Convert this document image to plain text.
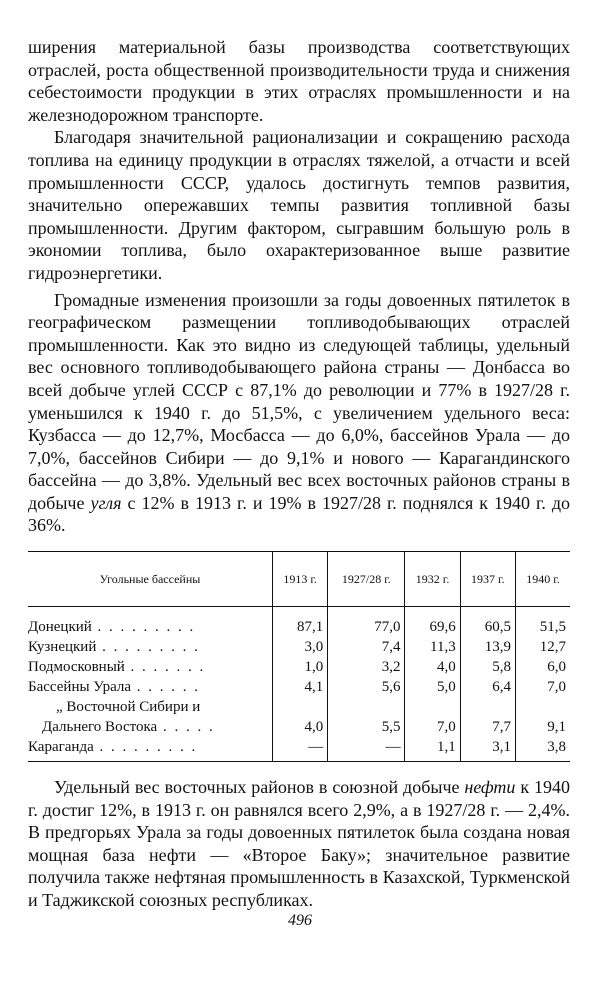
ширения материальной базы производства соответствующих отраслей, роста общественной производительности труда и снижения себестоимости продукции в этих отраслях промышленности и на железнодорожном транспорте.

Благодаря значительной рационализации и сокращению расхода топлива на единицу продукции в отраслях тяжелой, а отчасти и всей промышленности СССР, удалось достигнуть темпов развития, значительно опережавших темпы развития топливной базы промышленности. Другим фактором, сыгравшим большую роль в экономии топлива, было охарактеризованное выше развитие гидроэнергетики.

Громадные изменения произошли за годы довоенных пятилеток в географическом размещении топливодобывающих отраслей промышленности. Как это видно из следующей таблицы, удельный вес основного топливодобывающего района страны — Донбасса во всей добыче углей СССР с 87,1% до революции и 77% в 1927/28 г. уменьшился к 1940 г. до 51,5%, с увеличением удельного веса: Кузбасса — до 12,7%, Мосбасса — до 6,0%, бассейнов Урала — до 7,0%, бассейнов Сибири — до 9,1% и нового — Карагандинского бассейна — до 3,8%. Удельный вес всех восточных районов страны в добыче угля с 12% в 1913 г. и 19% в 1927/28 г. поднялся к 1940 г. до 36%.

Угольные бассейны	1913 г.	1927/28 г.	1932 г.	1937 г.	1940 г.
Донецкий . . . . . . . . .	87,1	77,0	69,6	60,5	51,5
Кузнецкий . . . . . . . . .	3,0	7,4	11,3	13,9	12,7
Подмосковный . . . . . . .	1,0	3,2	4,0	5,8	6,0
Бассейны Урала . . . . . .	4,1	5,6	5,0	6,4	7,0
„ Восточной Сибири и					
Дальнего Востока . . . . .	4,0	5,5	7,0	7,7	9,1
Караганда . . . . . . . . .	—	—	1,1	3,1	3,8

Удельный вес восточных районов в союзной добыче нефти к 1940 г. достиг 12%, в 1913 г. он равнялся всего 2,9%, а в 1927/28 г. — 2,4%. В предгорьях Урала за годы довоенных пятилеток была создана новая мощная база нефти — «Второе Баку»; значительное развитие получила также нефтяная промышленность в Казахской, Туркменской и Таджикской союзных республиках.

496
